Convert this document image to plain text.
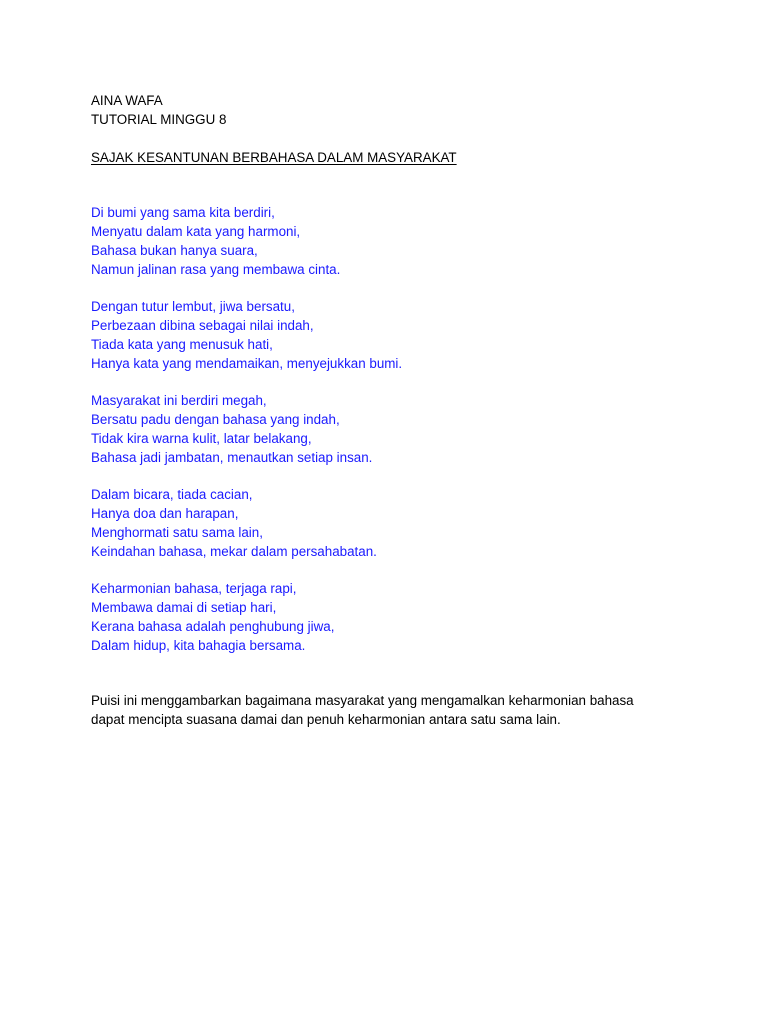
AINA WAFA
TUTORIAL MINGGU 8
SAJAK KESANTUNAN BERBAHASA DALAM MASYARAKAT
Di bumi yang sama kita berdiri,
Menyatu dalam kata yang harmoni,
Bahasa bukan hanya suara,
Namun jalinan rasa yang membawa cinta.
Dengan tutur lembut, jiwa bersatu,
Perbezaan dibina sebagai nilai indah,
Tiada kata yang menusuk hati,
Hanya kata yang mendamaikan, menyejukkan bumi.
Masyarakat ini berdiri megah,
Bersatu padu dengan bahasa yang indah,
Tidak kira warna kulit, latar belakang,
Bahasa jadi jambatan, menautkan setiap insan.
Dalam bicara, tiada cacian,
Hanya doa dan harapan,
Menghormati satu sama lain,
Keindahan bahasa, mekar dalam persahabatan.
Keharmonian bahasa, terjaga rapi,
Membawa damai di setiap hari,
Kerana bahasa adalah penghubung jiwa,
Dalam hidup, kita bahagia bersama.
Puisi ini menggambarkan bagaimana masyarakat yang mengamalkan keharmonian bahasa
dapat mencipta suasana damai dan penuh keharmonian antara satu sama lain.
